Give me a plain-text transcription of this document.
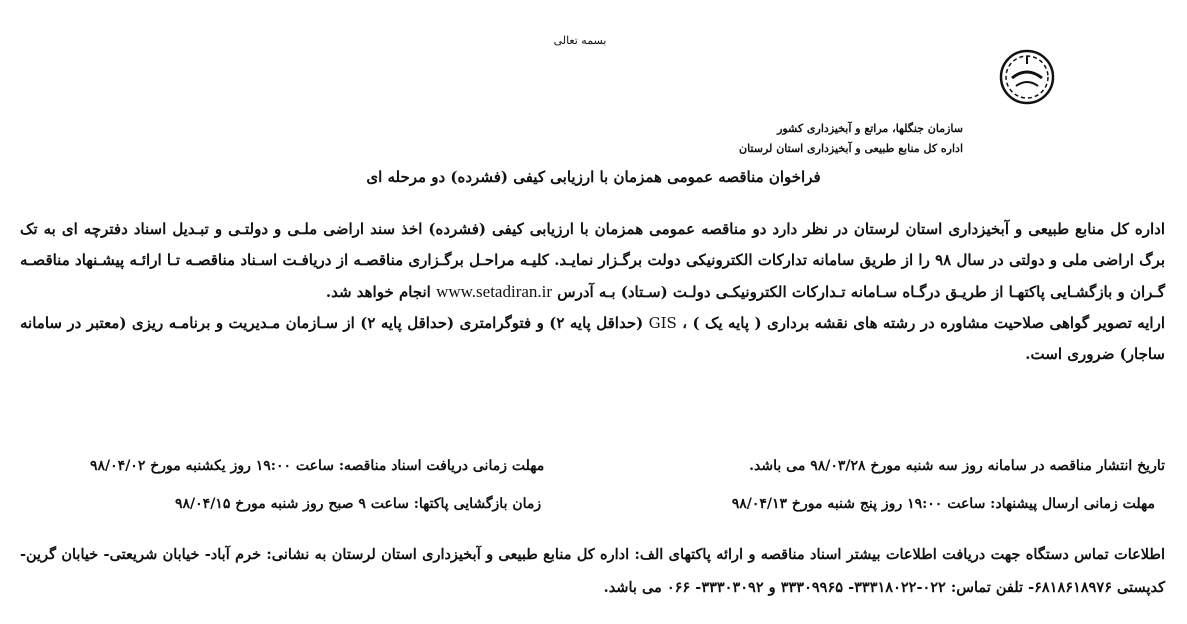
بسمه تعالی
سازمان جنگلها، مراتع و آبخیزداری کشور
اداره کل منابع طبیعی و آبخیزداری استان لرستان
فراخوان مناقصه عمومی همزمان با ارزیابی کیفی (فشرده) دو مرحله ای

اداره کل منابع طبیعی و آبخیزداری استان لرستان در نظر دارد دو مناقصه عمومی همزمان با ارزیابی کیفی (فشرده) اخذ سند اراضی ملـی و دولتـی و تبـدیل اسناد دفترچه ای به تک برگ اراضی ملی و دولتی در سال ۹۸ را از طریق سامانه تدارکات الکترونیکی دولت برگـزار نمایـد. کلیـه مراحـل برگـزاری مناقصـه از دریافـت اسـناد مناقصـه تـا ارائـه پیشـنهاد مناقصـه گـران و بازگشـایی پاکتهـا از طریـق درگـاه سـامانه تـدارکات الکترونیکـی دولـت (سـتاد) بـه آدرس www.setadiran.ir انجام خواهد شد.

ارایه تصویر گواهی صلاحیت مشاوره در رشته های نقشه برداری ( پایه یک ) ، GIS (حداقل پایه ۲) و فتوگرامتری (حداقل پایه ۲) از سـازمان مـدیریت و برنامـه ریزی (معتبر در سامانه ساجار) ضروری است.

تاریخ انتشار مناقصه در سامانه روز سه شنبه مورخ ۹۸/۰۳/۲۸ می باشد.
مهلت زمانی دریافت اسناد مناقصه: ساعت ۱۹:۰۰ روز یکشنبه مورخ ۹۸/۰۴/۰۲
مهلت زمانی ارسال پیشنهاد: ساعت ۱۹:۰۰ روز پنج شنبه مورخ ۹۸/۰۴/۱۳
زمان بازگشایی پاکتها: ساعت ۹ صبح روز شنبه مورخ ۹۸/۰۴/۱۵
اطلاعات تماس دستگاه جهت دریافت اطلاعات بیشتر اسناد مناقصه و ارائه پاکتهای الف: اداره کل منابع طبیعی و آبخیزداری استان لرستان به نشانی: خرم آباد- خیابان شریعتی- خیابان گرین- کدپستی ۶۸۱۸۶۱۸۹۷۶- تلفن تماس: ۰۲۲-۳۳۳۱۸۰۲۲- ۳۳۳۰۹۹۶۵ و ۳۳۳۰۳۰۹۲- ۰۶۶ می باشد.
